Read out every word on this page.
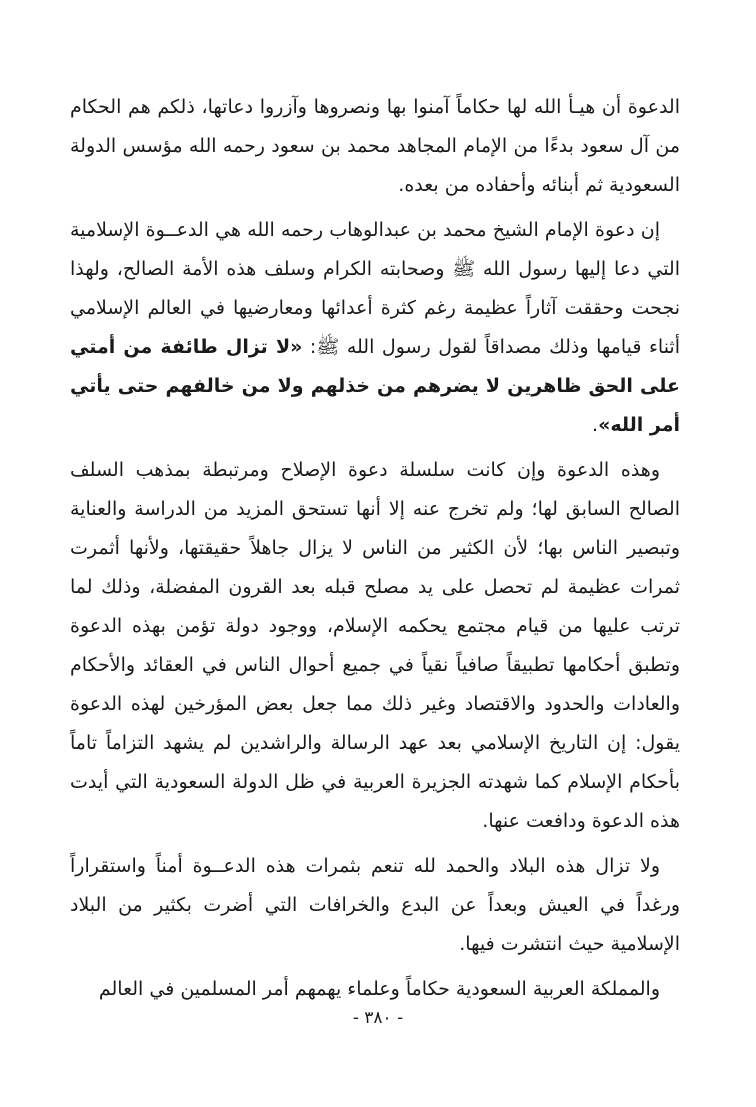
الدعوة أن هيـأ الله لها حكاماً آمنوا بها ونصروها وآزروا دعاتها، ذلكم هم الحكام من آل سعود بدءًا من الإمام المجاهد محمد بن سعود رحمه الله مؤسس الدولة السعودية ثم أبنائه وأحفاده من بعده.

إن دعوة الإمام الشيخ محمد بن عبدالوهاب رحمه الله هي الدعــوة الإسلامية التي دعا إليها رسول الله ﷺ وصحابته الكرام وسلف هذه الأمة الصالح، ولهذا نجحت وحققت آثاراً عظيمة رغم كثرة أعدائها ومعارضيها في العالم الإسلامي أثناء قيامها وذلك مصداقاً لقول رسول الله ﷺ: «لا تزال طائفة من أمتي على الحق ظاهرين لا يضرهم من خذلهم ولا من خالفهم حتى يأتي أمر الله».

وهذه الدعوة وإن كانت سلسلة دعوة الإصلاح ومرتبطة بمذهب السلف الصالح السابق لها؛ ولم تخرج عنه إلا أنها تستحق المزيد من الدراسة والعناية وتبصير الناس بها؛ لأن الكثير من الناس لا يزال جاهلاً حقيقتها، ولأنها أثمرت ثمرات عظيمة لم تحصل على يد مصلح قبله بعد القرون المفضلة، وذلك لما ترتب عليها من قيام مجتمع يحكمه الإسلام، ووجود دولة تؤمن بهذه الدعوة وتطبق أحكامها تطبيقاً صافياً نقياً في جميع أحوال الناس في العقائد والأحكام والعادات والحدود والاقتصاد وغير ذلك مما جعل بعض المؤرخين لهذه الدعوة يقول: إن التاريخ الإسلامي بعد عهد الرسالة والراشدين لم يشهد التزاماً تاماً بأحكام الإسلام كما شهدته الجزيرة العربية في ظل الدولة السعودية التي أيدت هذه الدعوة ودافعت عنها.

ولا تزال هذه البلاد والحمد لله تنعم بثمرات هذه الدعــوة أمناً واستقراراً ورغداً في العيش وبعداً عن البدع والخرافات التي أضرت بكثير من البلاد الإسلامية حيث انتشرت فيها.

والمملكة العربية السعودية حكاماً وعلماء يهمهم أمر المسلمين في العالم

- ٣٨٠ -
